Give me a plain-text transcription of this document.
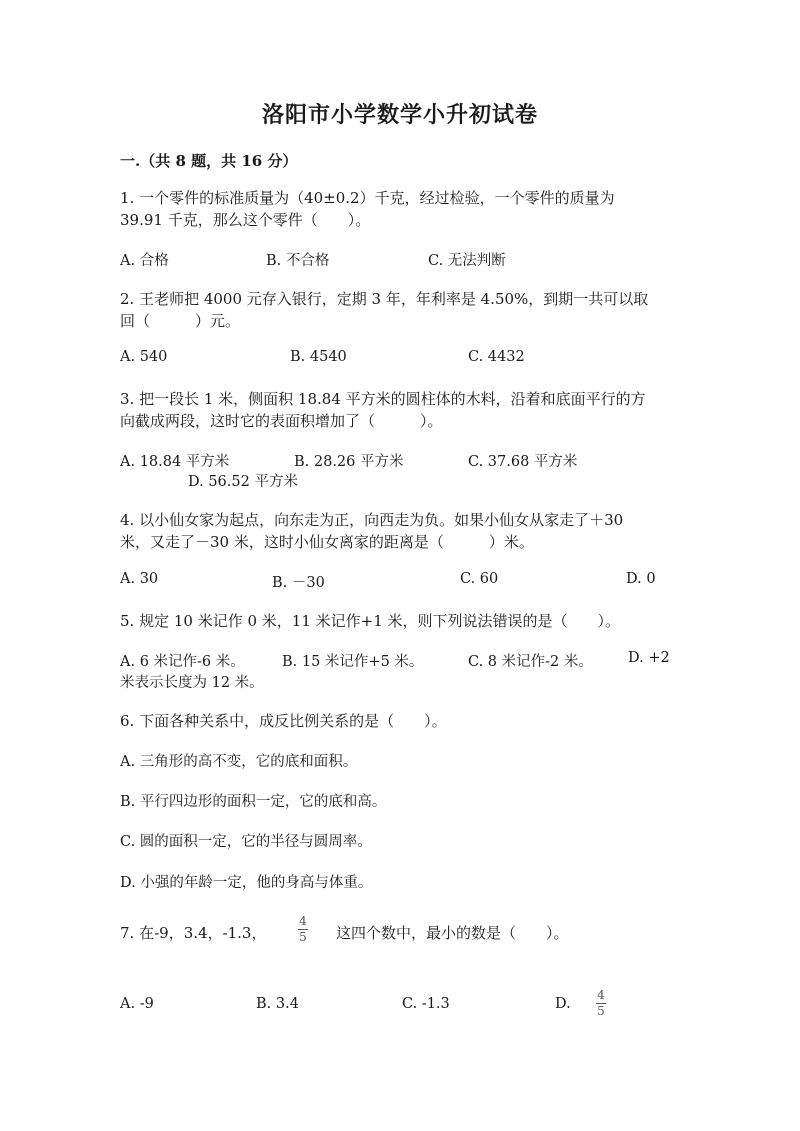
洛阳市小学数学小升初试卷
一.（共 8 题，共 16 分）
1. 一个零件的标准质量为（40±0.2）千克，经过检验，一个零件的质量为
39.91 千克，那么这个零件（　　）。
A. 合格	B. 不合格	C. 无法判断
2. 王老师把 4000 元存入银行，定期 3 年，年利率是 4.50%，到期一共可以取
回（　　　）元。
A. 540	B. 4540	C. 4432
3. 把一段长 1 米，侧面积 18.84 平方米的圆柱体的木料，沿着和底面平行的方
向截成两段，这时它的表面积增加了（　　　）。
A. 18.84 平方米	B. 28.26 平方米	C. 37.68 平方米
D. 56.52 平方米
4. 以小仙女家为起点，向东走为正，向西走为负。如果小仙女从家走了＋30
米，又走了－30 米，这时小仙女离家的距离是（　　　）米。
A. 30	B. －30	C. 60	D. 0
5. 规定 10 米记作 0 米，11 米记作+1 米，则下列说法错误的是（　　）。
A. 6 米记作-6 米。	B. 15 米记作+5 米。	C. 8 米记作-2 米。 D. +2
米表示长度为 12 米。
6. 下面各种关系中，成反比例关系的是（　　）。
A. 三角形的高不变，它的底和面积。
B. 平行四边形的面积一定，它的底和高。
C. 圆的面积一定，它的半径与圆周率。
D. 小强的年龄一定，他的身高与体重。
7. 在-9，3.4，-1.3，
4
5 这四个数中，最小的数是（　　）。
A. -9	B. 3.4	C. -1.3	D.
4
5
